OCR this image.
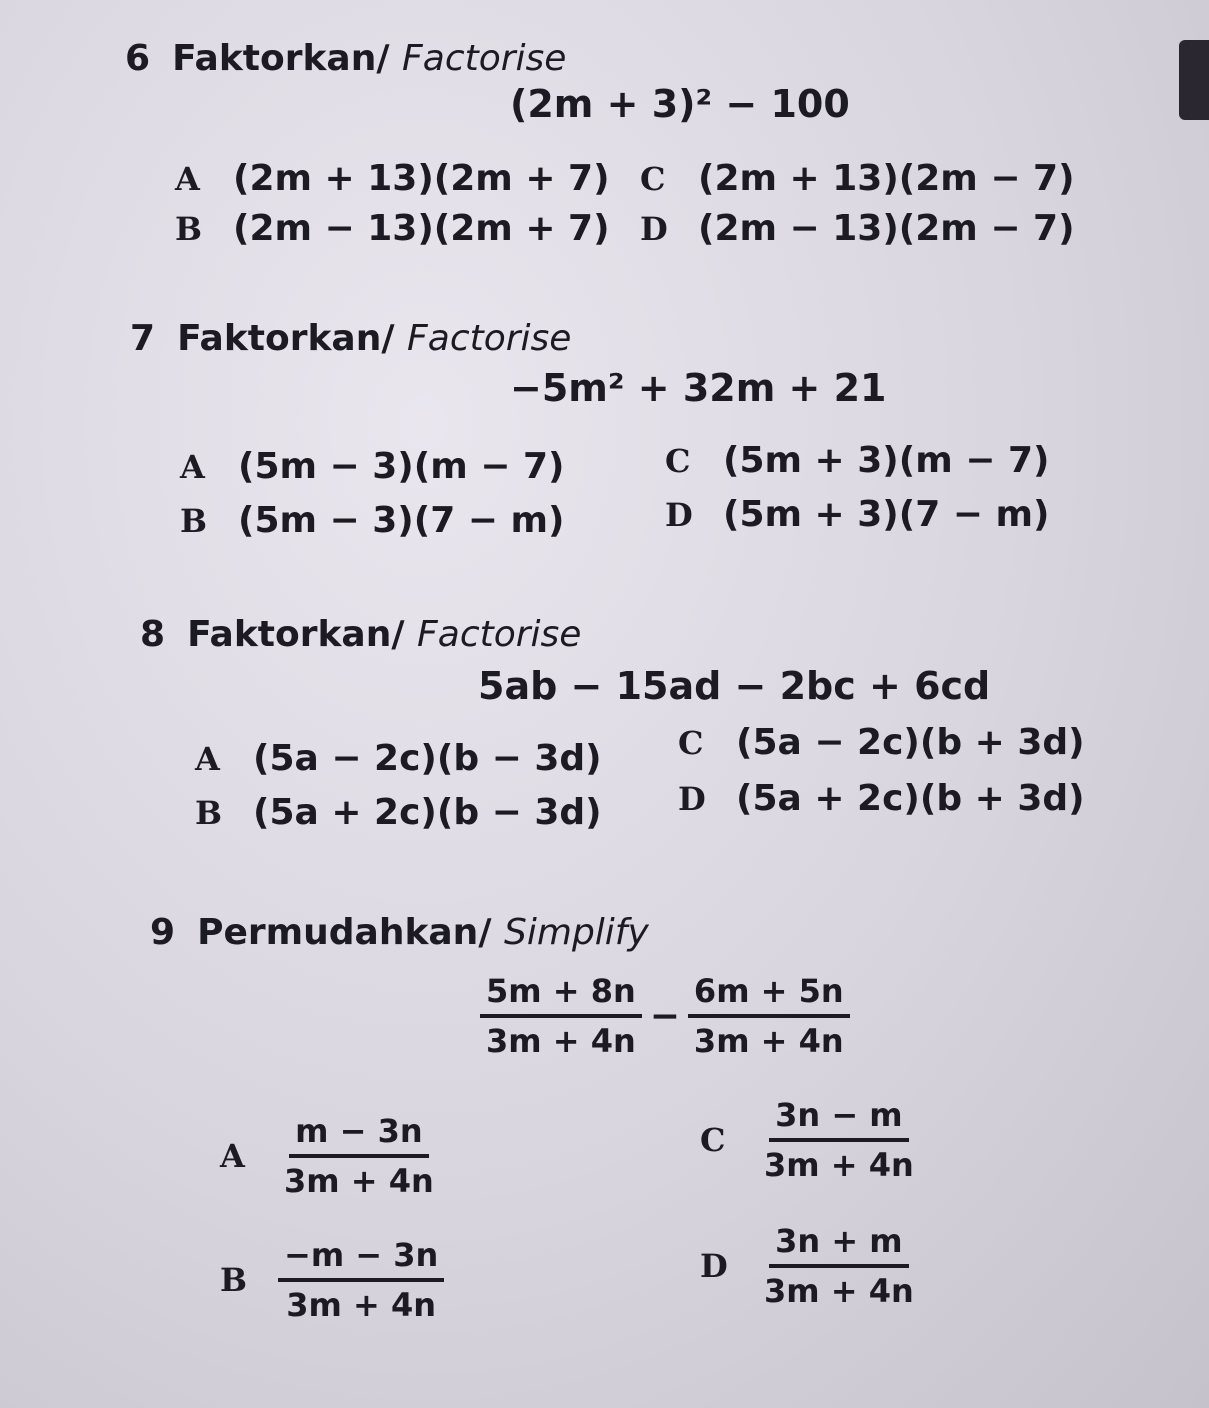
6 Faktorkan/ Factorise
(2m + 3)² − 100
A (2m + 13)(2m + 7)
B (2m − 13)(2m + 7)
C (2m + 13)(2m − 7)
D (2m − 13)(2m − 7)
7 Faktorkan/ Factorise
−5m² + 32m + 21
A (5m − 3)(m − 7)
B (5m − 3)(7 − m)
C (5m + 3)(m − 7)
D (5m + 3)(7 − m)
8 Faktorkan/ Factorise
5ab − 15ad − 2bc + 6cd
A (5a − 2c)(b − 3d)
B (5a + 2c)(b − 3d)
C (5a − 2c)(b + 3d)
D (5a + 2c)(b + 3d)
9 Permudahkan/ Simplify
$\frac{5m + 8n}{3m + 4n} - \frac{6m + 5n}{3m + 4n}$
A	$\frac{m - 3n}{3m + 4n}$
B $\frac{-m - 3n}{3m + 4n}$
C	$\frac{3n - m}{3m + 4n}$
D $\frac{3n + m}{3m + 4n}$
